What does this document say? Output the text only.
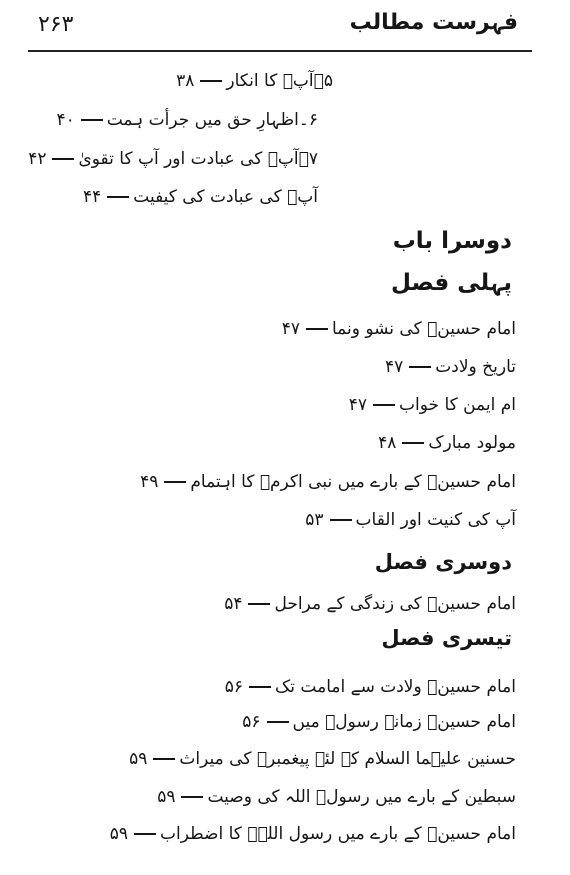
۲۶۳	فہرست مطالب
۵۔آپؑ کا انکار۳۸
۶۔اظہارِ حق میں جرأت ہمت۴۰
۷۔آپؑ کی عبادت اور آپ کا تقویٰ۴۲
آپؑ کی عبادت کی کیفیت۴۴
دوسرا باب
پہلی فصل
امام حسینؑ کی نشو ونما۴۷
تاریخ ولادت۴۷
ام ایمن کا خواب۴۷
مولود مبارک۴۸
امام حسینؑ کے بارے میں نبی اکرمؐ کا اہتمام۴۹
آپ کی کنیت اور القاب۵۳
دوسری فصل
امام حسینؑ کی زندگی کے مراحل۵۴
تیسری فصل
امام حسینؑ ولادت سے امامت تک۵۶
امام حسینؑ زمانۂ رسولؐ میں۵۶
حسنین علیہما السلام کے لئے پیغمبرؐ کی میراث۵۹
سبطین کے بارے میں رسولؐ اللہ کی وصیت۵۹
امام حسینؑ کے بارے میں رسول اللہؐ کا اضطراب۵۹
